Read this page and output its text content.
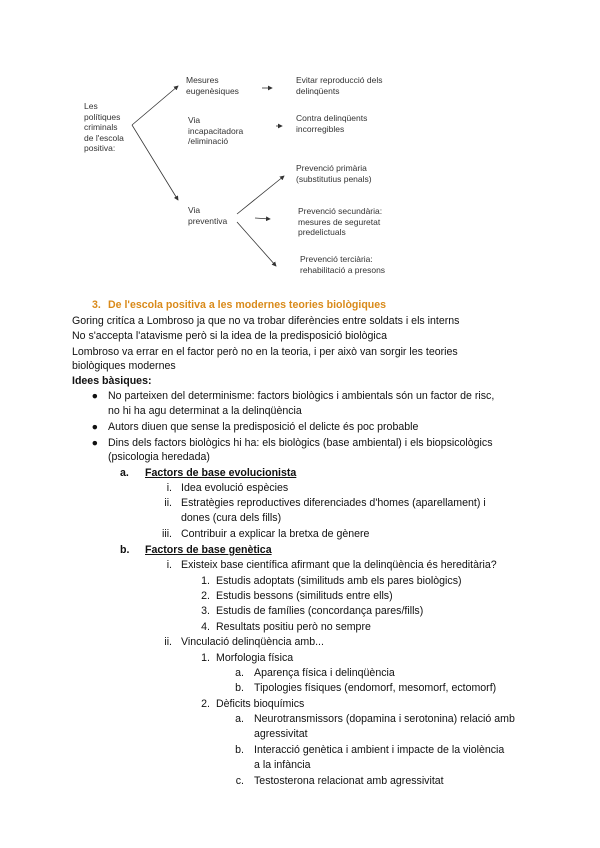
Les
polítiques
criminals
de l'escola
positiva:
Mesures
eugenèsiques
Evitar reproducció dels
delinqüents
Via
incapacitadora
/eliminació
Contra delinqüents
incorregibles
Via
preventiva
Prevenció primària
(substitutius penals)
Prevenció secundària:
mesures de seguretat
predelictuals
Prevenció terciària:
rehabilitació a presons
3. De l'escola positiva a les modernes teories biològiques
Goring critíca a Lombroso ja que no va trobar diferències entre soldats i els interns
No s'accepta l'atavisme però si la idea de la predisposició biològica
Lombroso va errar en el factor però no en la teoria, i per això van sorgir les teories
biològiques modernes
Idees bàsiques:
● No parteixen del determinisme: factors biològics i ambientals són un factor de risc,
no hi ha agu determinat a la delinqüència
● Autors diuen que sense la predisposició el delicte és poc probable
● Dins dels factors biològics hi ha: els biològics (base ambiental) i els biopsicològics
(psicologia heredada)
a.	Factors de base evolucionista
i. Idea evolució espècies
ii. Estratègies reproductives diferenciades d'homes (aparellament) i
dones (cura dels fills)
iii. Contribuir a explicar la bretxa de gènere
b.	Factors de base genètica
i. Existeix base científica afirmant que la delinqüència és hereditària?
1. Estudis adoptats (similituds amb els pares biològics)
2. Estudis bessons (similituds entre ells)
3. Estudis de famílies (concordança pares/fills)
4. Resultats positiu però no sempre
ii. Vinculació delinqüència amb...
1. Morfologia física
a. Aparença física i delinqüència
b. Tipologies físiques (endomorf, mesomorf, ectomorf)
2. Dèficits bioquímics
a. Neurotransmissors (dopamina i serotonina) relació amb
agressivitat
b. Interacció genètica i ambient i impacte de la violència
a la infància
c. Testosterona relacionat amb agressivitat
